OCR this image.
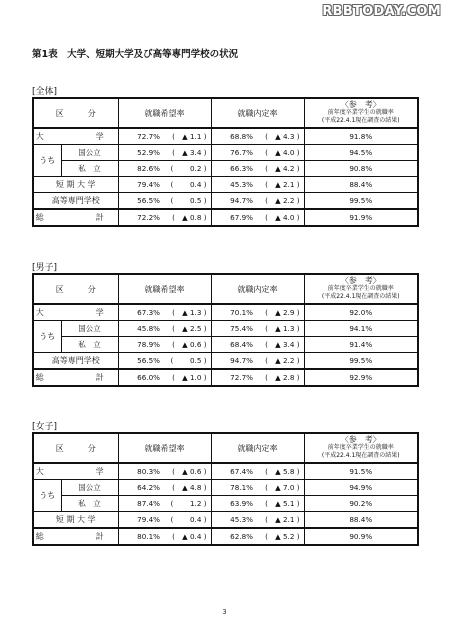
RBBTODAY.COM
第1表　大学、短期大学及び高等専門学校の状況
[全体]
区　　　分		就職希望率		就職内定率		〈参　考〉
前年度卒業学生の就職率
(平成22.4.1現在調査の結果)

大　　学		72.7%	(　▲ 1.1 )	68.8%	(　▲ 4.3 )	91.8%
うち	国公立	52.9%	(　▲ 3.4 )	76.7%	(　▲ 4.0 )	94.5%
	私　立	82.6%	(　　 0.2 )	66.3%	(　▲ 4.2 )	90.8%
短 期 大 学		79.4%	(　　 0.4 )	45.3%	(　▲ 2.1 )	88.4%
高等専門学校		56.5%	(　　 0.5 )	94.7%	(　▲ 2.2 )	99.5%
総　　計		72.2%	(　▲ 0.8 )	67.9%	(　▲ 4.0 )	91.9%
[男子]
区　　　分		就職希望率		就職内定率		〈参　考〉
前年度卒業学生の就職率
(平成22.4.1現在調査の結果)

大　　学		67.3%	(　▲ 1.3 )	70.1%	(　▲ 2.9 )	92.0%
うち	国公立	45.8%	(　▲ 2.5 )	75.4%	(　▲ 1.3 )	94.1%
	私　立	78.9%	(　▲ 0.6 )	68.4%	(　▲ 3.4 )	91.4%
高等専門学校		56.5%	(　　 0.5 )	94.7%	(　▲ 2.2 )	99.5%
総　　計		66.0%	(　▲ 1.0 )	72.7%	(　▲ 2.8 )	92.9%
[女子]
区　　　分		就職希望率		就職内定率		〈参　考〉
前年度卒業学生の就職率
(平成22.4.1現在調査の結果)

大　　学		80.3%	(　▲ 0.6 )	67.4%	(　▲ 5.8 )	91.5%
うち	国公立	64.2%	(　▲ 4.8 )	78.1%	(　▲ 7.0 )	94.9%
	私　立	87.4%	(　　 1.2 )	63.9%	(　▲ 5.1 )	90.2%
短 期 大 学		79.4%	(　　 0.4 )	45.3%	(　▲ 2.1 )	88.4%
総　　計		80.1%	(　▲ 0.4 )	62.8%	(　▲ 5.2 )	90.9%
3
